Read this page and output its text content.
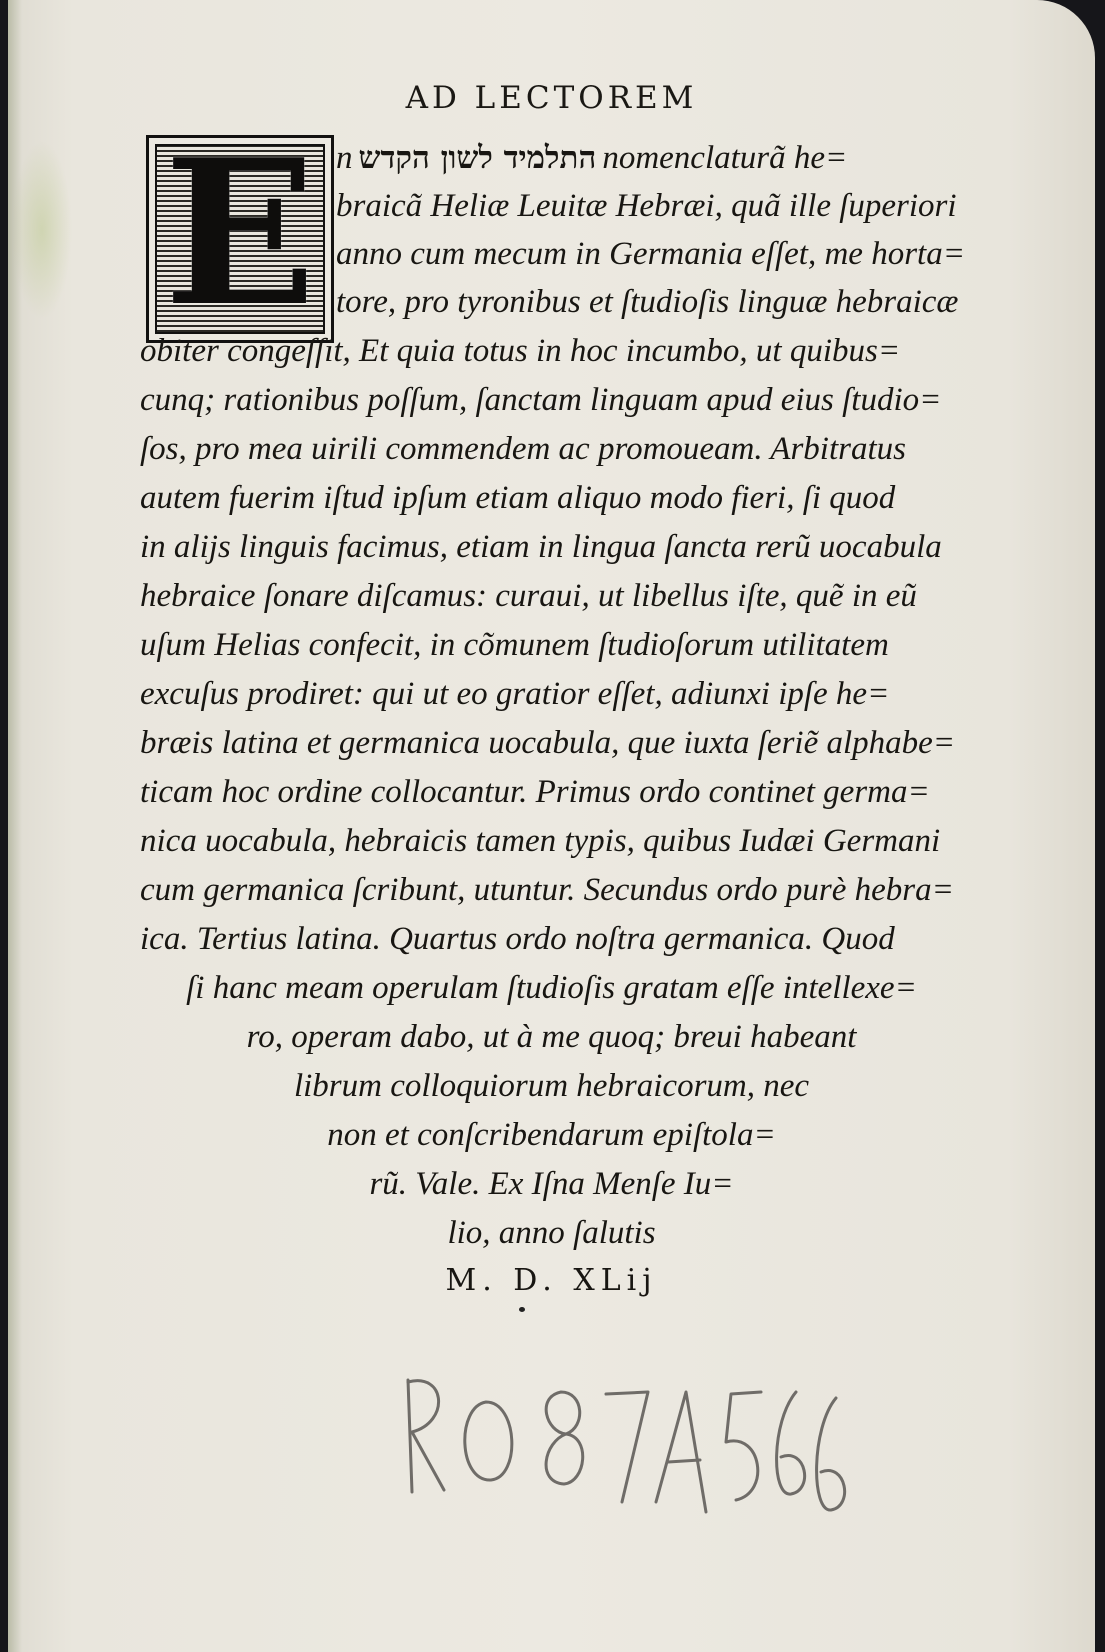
AD LECTOREM
E n התלמיד לשון הקדש nomenclaturã he=
braicã Heliæ Leuitæ Hebræi, quã ille ſuperiori
anno cum mecum in Germania eſſet, me horta=
tore, pro tyronibus et ſtudioſis linguæ hebraicæ
obiter congeſſit, Et quia totus in hoc incumbo, ut quibus=
cunq; rationibus poſſum, ſanctam linguam apud eius ſtudio=
ſos, pro mea uirili commendem ac promoueam. Arbitratus
autem fuerim iſtud ipſum etiam aliquo modo fieri, ſi quod
in alijs linguis facimus, etiam in lingua ſancta rerũ uocabula
hebraice ſonare diſcamus: curaui, ut libellus iſte, quẽ in eũ
uſum Helias confecit, in cõmunem ſtudioſorum utilitatem
excuſus prodiret: qui ut eo gratior eſſet, adiunxi ipſe he=
bræis latina et germanica uocabula, que iuxta ſeriẽ alphabe=
ticam hoc ordine collocantur. Primus ordo continet germa=
nica uocabula, hebraicis tamen typis, quibus Iudæi Germani
cum germanica ſcribunt, utuntur. Secundus ordo purè hebra=
ica. Tertius latina. Quartus ordo noſtra germanica. Quod
ſi hanc meam operulam ſtudioſis gratam eſſe intellexe=
ro, operam dabo, ut à me quoq; breui habeant
librum colloquiorum hebraicorum, nec
non et conſcribendarum epiſtola=
rũ. Vale. Ex Iſna Menſe Iu=
lio, anno ſalutis
M. D. XLij
RO 87 A 566
